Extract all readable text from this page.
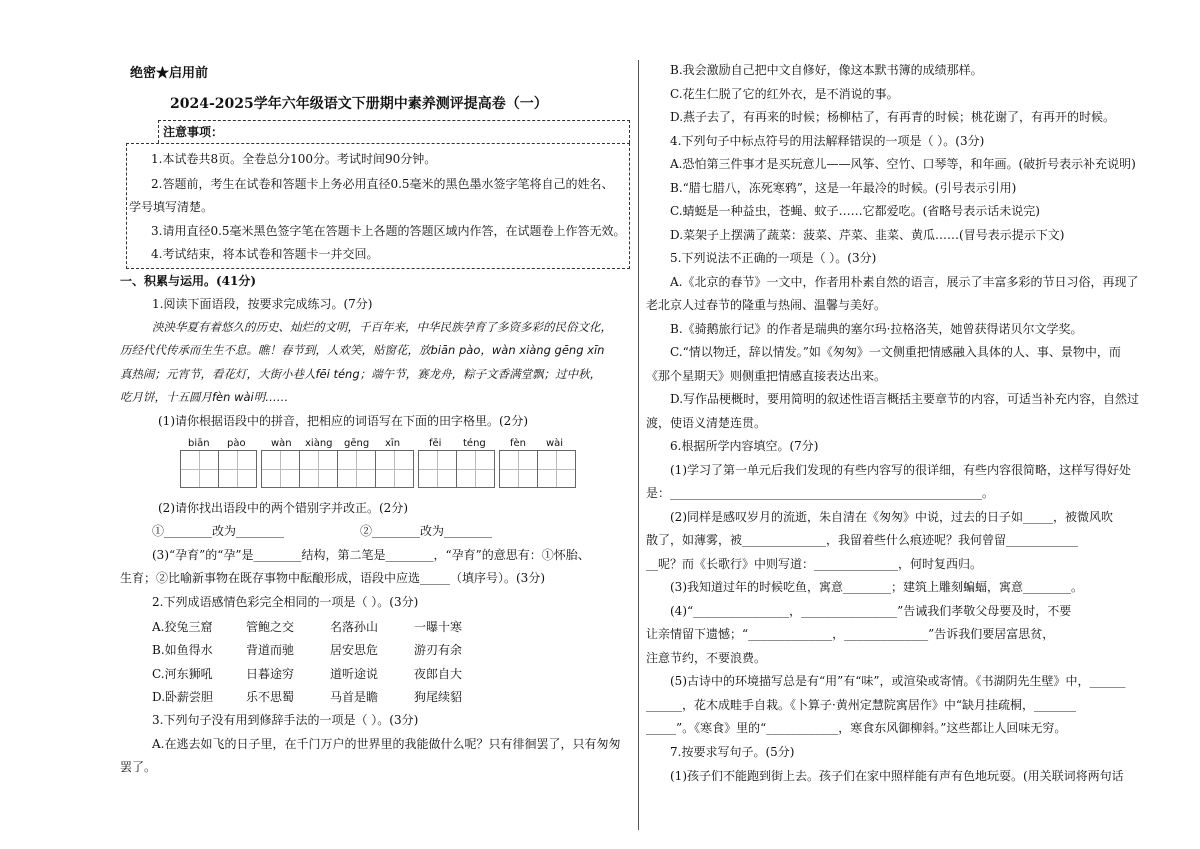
绝密★启用前
2024-2025学年六年级语文下册期中素养测评提高卷（一）
注意事项：
1.本试卷共8页。全卷总分100分。考试时间90分钟。
2.答题前，考生在试卷和答题卡上务必用直径0.5毫米的黑色墨水签字笔将自己的姓名、
学号填写清楚。
3.请用直径0.5毫米黑色签字笔在答题卡上各题的答题区域内作答，在试题卷上作答无效。
4.考试结束，将本试卷和答题卡一并交回。
一、积累与运用。(41分)
1.阅读下面语段，按要求完成练习。(7分)
泱泱华夏有着悠久的历史、灿烂的文明，千百年来，中华民族孕育了多资多彩的民俗文化，
历经代代传承而生生不息。瞧！春节到，人欢笑，贴窗花，放biān pào，wàn xiàng gēng xīn
真热闹；元宵节，看花灯，大街小巷人fēi téng；端午节，赛龙舟，粽子文香满堂飘；过中秋，
吃月饼，十五圆月fèn wài明……
(1)请你根据语段中的拼音，把相应的词语写在下面的田字格里。(2分)
biān pào	wàn xiàng gēng xīn	fēi téng fèn wài
(2)请你找出语段中的两个错别字并改正。(2分)
①________改为________	②________改为________
(3)“孕育”的“孕”是________结构，第二笔是________，“孕育”的意思有：①怀胎、
生育；②比喻新事物在既存事物中酝酿形成，语段中应选_____（填序号）。(3分)
2.下列成语感情色彩完全相同的一项是（ ）。(3分)
A.狡兔三窟	管鲍之交	名落孙山	一曝十寒
B.如鱼得水	背道而驰	居安思危	游刃有余
C.河东狮吼	日暮途穷	道听途说	夜郎自大
D.卧薪尝胆	乐不思蜀	马首是瞻	狗尾续貂
3.下列句子没有用到修辞手法的一项是（ ）。(3分)
A.在逃去如飞的日子里，在千门万户的世界里的我能做什么呢？只有徘徊罢了，只有匆匆
罢了。
B.我会激励自己把中文自修好，像这本默书簿的成绩那样。
C.花生仁脱了它的红外衣，是不消说的事。
D.燕子去了，有再来的时候；杨柳枯了，有再青的时候；桃花谢了，有再开的时候。
4.下列句子中标点符号的用法解释错误的一项是（ ）。(3分)
A.恐怕第三件事才是买玩意儿——风筝、空竹、口琴等，和年画。(破折号表示补充说明)
B.“腊七腊八，冻死寒鸦”，这是一年最冷的时候。(引号表示引用)
C.蜻蜓是一种益虫，苍蝇、蚊子……它都爱吃。(省略号表示话未说完)
D.菜架子上摆满了蔬菜：菠菜、芹菜、韭菜、黄瓜……(冒号表示提示下文)
5.下列说法不正确的一项是（ ）。(3分)
A.《北京的春节》一文中，作者用朴素自然的语言，展示了丰富多彩的节日习俗，再现了
老北京人过春节的隆重与热闹、温馨与美好。
B.《骑鹅旅行记》的作者是瑞典的塞尔玛·拉格洛芙，她曾获得诺贝尔文学奖。
C.“情以物迁，辞以情发。”如《匆匆》一文侧重把情感融入具体的人、事、景物中，而
《那个星期天》则侧重把情感直接表达出来。
D.写作品梗概时，要用简明的叙述性语言概括主要章节的内容，可适当补充内容，自然过
渡，使语义清楚连贯。
6.根据所学内容填空。(7分)
(1)学习了第一单元后我们发现的有些内容写的很详细，有些内容很简略，这样写得好处
是：____________________________________________________。
(2)同样是感叹岁月的流逝，朱自清在《匆匆》中说，过去的日子如_____，被微风吹
散了，如薄雾，被______________，我留着些什么痕迹呢？我何曾留____________
__呢？而《长歌行》中则写道：______________，何时复西归。
(3)我知道过年的时候吃鱼，寓意________；建筑上雕刻蝙蝠，寓意________。
(4)“________________，________________”告诫我们孝敬父母要及时，不要
让亲情留下遗憾；“______________，______________”告诉我们要居富思贫，
注意节约，不要浪费。
(5)古诗中的环境描写总是有“用”有“味”，或渲染或寄情。《书湖阴先生壁》中，______
______，花木成畦手自栽。《卜算子·黄州定慧院寓居作》中“缺月挂疏桐，_______
_____”。《寒食》里的“____________，寒食东风御柳斜。”这些都让人回味无穷。
7.按要求写句子。(5分)
(1)孩子们不能跑到街上去。孩子们在家中照样能有声有色地玩耍。(用关联词将两句话
